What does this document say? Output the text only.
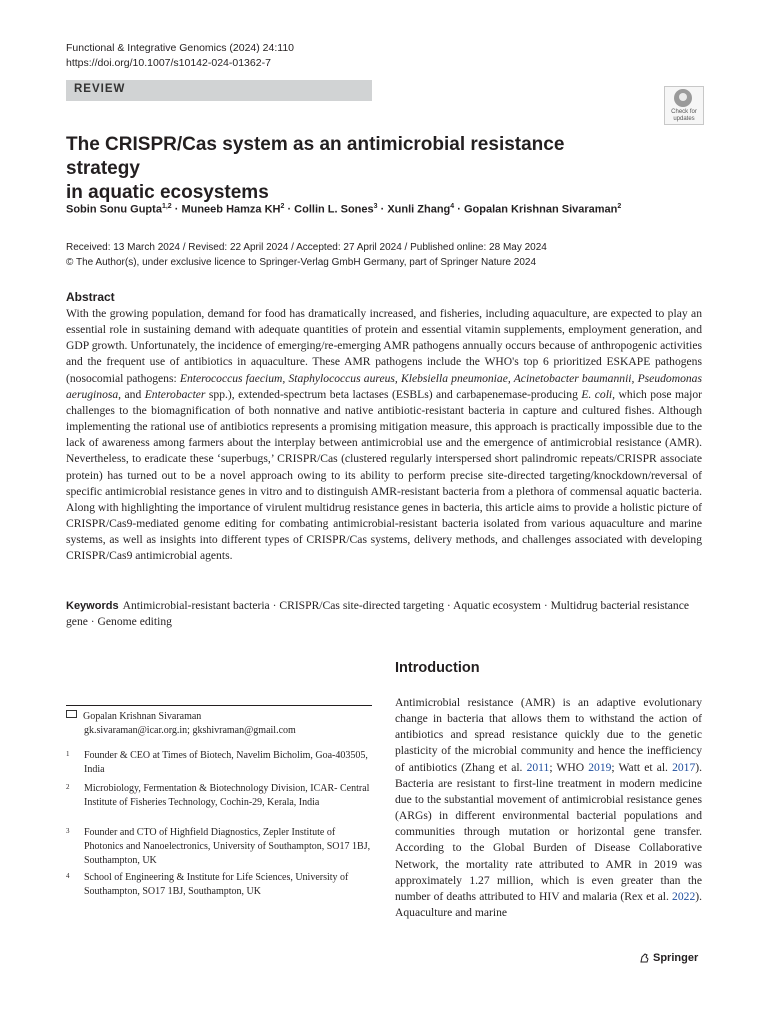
Functional & Integrative Genomics (2024) 24:110
https://doi.org/10.1007/s10142-024-01362-7
REVIEW
Check for
updates
The CRISPR/Cas system as an antimicrobial resistance strategy
in aquatic ecosystems
Sobin Sonu Gupta$^{1,2}$ · Muneeb Hamza $KH^2$ · Collin L. Sones$^3$ · Xunli Zhang$^4$ · Gopalan Krishnan Sivaraman$^2$
Received: 13 March 2024 / Revised: 22 April 2024 / Accepted: 27 April 2024 / Published online: 28 May 2024
© The Author(s), under exclusive licence to Springer-Verlag GmbH Germany, part of Springer Nature 2024
Abstract
With the growing population, demand for food has dramatically increased, and fisheries, including aquaculture, are expected to play an essential role in sustaining demand with adequate quantities of protein and essential vitamin supplements, employment generation, and GDP growth. Unfortunately, the incidence of emerging/re-emerging AMR pathogens annually occurs because of anthropogenic activities and the frequent use of antibiotics in aquaculture. These AMR pathogens include the WHO's top 6 prioritized ESKAPE pathogens (nosocomial pathogens: Enterococcus faecium, Staphylococcus aureus, Klebsiella pneumoniae, Acinetobacter baumannii, Pseudomonas aeruginosa, and Enterobacter spp.), extended-spectrum beta lactases (ESBLs) and carbapenemase-producing E. coli, which pose major challenges to the biomagnification of both nonnative and native antibiotic-resistant bacteria in capture and cultured fishes. Although implementing the rational use of antibiotics represents a promising mitigation measure, this approach is practically impossible due to the lack of awareness among farmers about the interplay between antimicrobial use and the emergence of antimicrobial resistance (AMR). Nevertheless, to eradicate these ‘superbugs,’ CRISPR/Cas (clustered regularly interspersed short palindromic repeats/CRISPR associate protein) has turned out to be a novel approach owing to its ability to perform precise site-directed targeting/knockdown/reversal of specific antimicrobial resistance genes in vitro and to distinguish AMR-resistant bacteria from a plethora of commensal aquatic bacteria. Along with highlighting the importance of virulent multidrug resistance genes in bacteria, this article aims to provide a holistic picture of CRISPR/Cas9-mediated genome editing for combating antimicrobial-resistant bacteria isolated from various aquaculture and marine systems, as well as insights into different types of CRISPR/Cas systems, delivery methods, and challenges associated with developing CRISPR/Cas9 antimicrobial agents.
Keywords Antimicrobial-resistant bacteria · CRISPR/Cas site-directed targeting · Aquatic ecosystem · Multidrug bacterial resistance gene · Genome editing
Gopalan Krishnan Sivaraman
gk.sivaraman@icar.org.in; gkshivraman@gmail.com
1 Founder & CEO at Times of Biotech, Navelim Bicholim, Goa-403505, India
2 Microbiology, Fermentation & Biotechnology Division, ICAR- Central Institute of Fisheries Technology, Cochin-29, Kerala, India
3 Founder and CTO of Highfield Diagnostics, Zepler Institute of Photonics and Nanoelectronics, University of Southampton, SO17 1BJ, Southampton, UK
4 School of Engineering & Institute for Life Sciences, University of Southampton, SO17 1BJ, Southampton, UK
Introduction
Antimicrobial resistance (AMR) is an adaptive evolutionary change in bacteria that allows them to withstand the action of antibiotics and spread resistance quickly due to the genetic plasticity of the microbial community and hence the inefficiency of antibiotics (Zhang et al. 2011; WHO 2019; Watt et al. 2017). Bacteria are resistant to first-line treatment in modern medicine due to the substantial movement of antimicrobial resistance genes (ARGs) in different environmental bacterial populations and communities through mutation or horizontal gene transfer. According to the Global Burden of Disease Collaborative Network, the mortality rate attributed to AMR in 2019 was approximately 1.27 million, which is even greater than the number of deaths attributed to HIV and malaria (Rex et al. 2022). Aquaculture and marine
Springer
